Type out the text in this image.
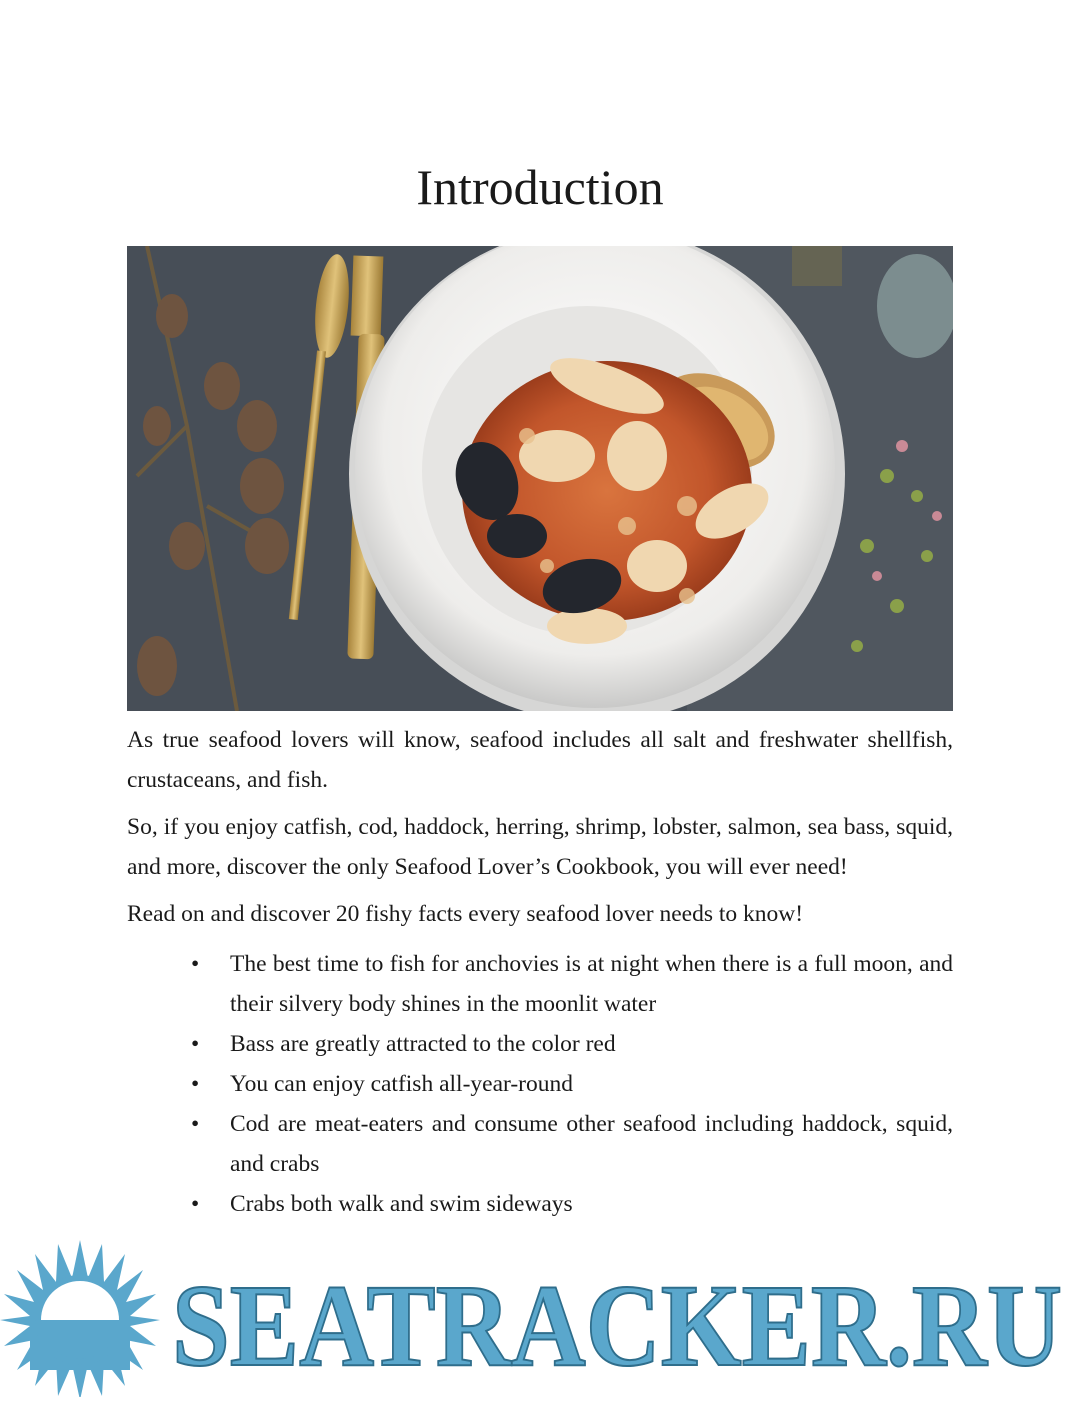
Introduction

As true seafood lovers will know, seafood includes all salt and freshwater shellfish, crustaceans, and fish.

So, if you enjoy catfish, cod, haddock, herring, shrimp, lobster, salmon, sea bass, squid, and more, discover the only Seafood Lover’s Cookbook, you will ever need!

Read on and discover 20 fishy facts every seafood lover needs to know!

• The best time to fish for anchovies is at night when there is a full moon, and their silvery body shines in the moonlit water
• Bass are greatly attracted to the color red
• You can enjoy catfish all-year-round
• Cod are meat-eaters and consume other seafood including haddock, squid, and crabs
• Crabs both walk and swim sideways
SEATRACKER.RU
